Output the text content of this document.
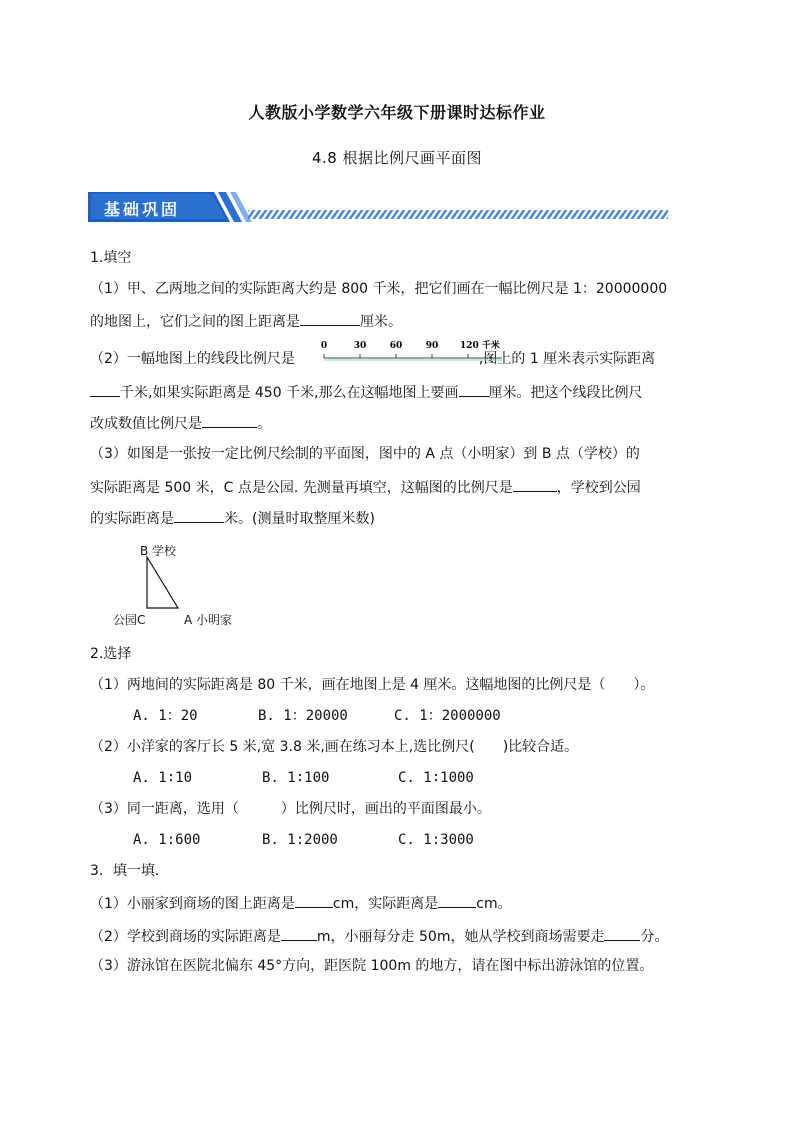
人教版小学数学六年级下册课时达标作业
4.8 根据比例尺画平面图
基础巩固
1.填空
（1）甲、乙两地之间的实际距离大约是 800 千米，把它们画在一幅比例尺是 1：20000000
的地图上，它们之间的图上距离是	厘米。
（2）一幅地图上的线段比例尺是	,图上的 1 厘米表示实际距离
0	30	60	90 120 千米
千米,如果实际距离是 450 千米,那么在这幅地图上要画 厘米。把这个线段比例尺
改成数值比例尺是	。
（3）如图是一张按一定比例尺绘制的平面图，图中的 A 点（小明家）到 B 点（学校）的
实际距离是 500 米，C 点是公园. 先测量再填空，这幅图的比例尺是	，学校到公园
的实际距离是	米。(测量时取整厘米数)
B 学校
公园C	A 小明家
2.选择
（1）两地间的实际距离是 80 千米，画在地图上是 4 厘米。这幅地图的比例尺是（　　）。
A. 1：20	B. 1：20000	C. 1：2000000
（2）小洋家的客厅长 5 米,宽 3.8 米,画在练习本上,选比例尺(　　)比较合适。
A. 1∶10	B. 1∶100	C. 1∶1000
（3）同一距离，选用（　　　）比例尺时，画出的平面图最小。
A. 1:600	B. 1:2000	C. 1:3000
3．填一填．
（1）小丽家到商场的图上距离是	cm，实际距离是	cm。
（2）学校到商场的实际距离是	m，小丽每分走 50m，她从学校到商场需要走	分。
（3）游泳馆在医院北偏东 45°方向，距医院 100m 的地方，请在图中标出游泳馆的位置。
